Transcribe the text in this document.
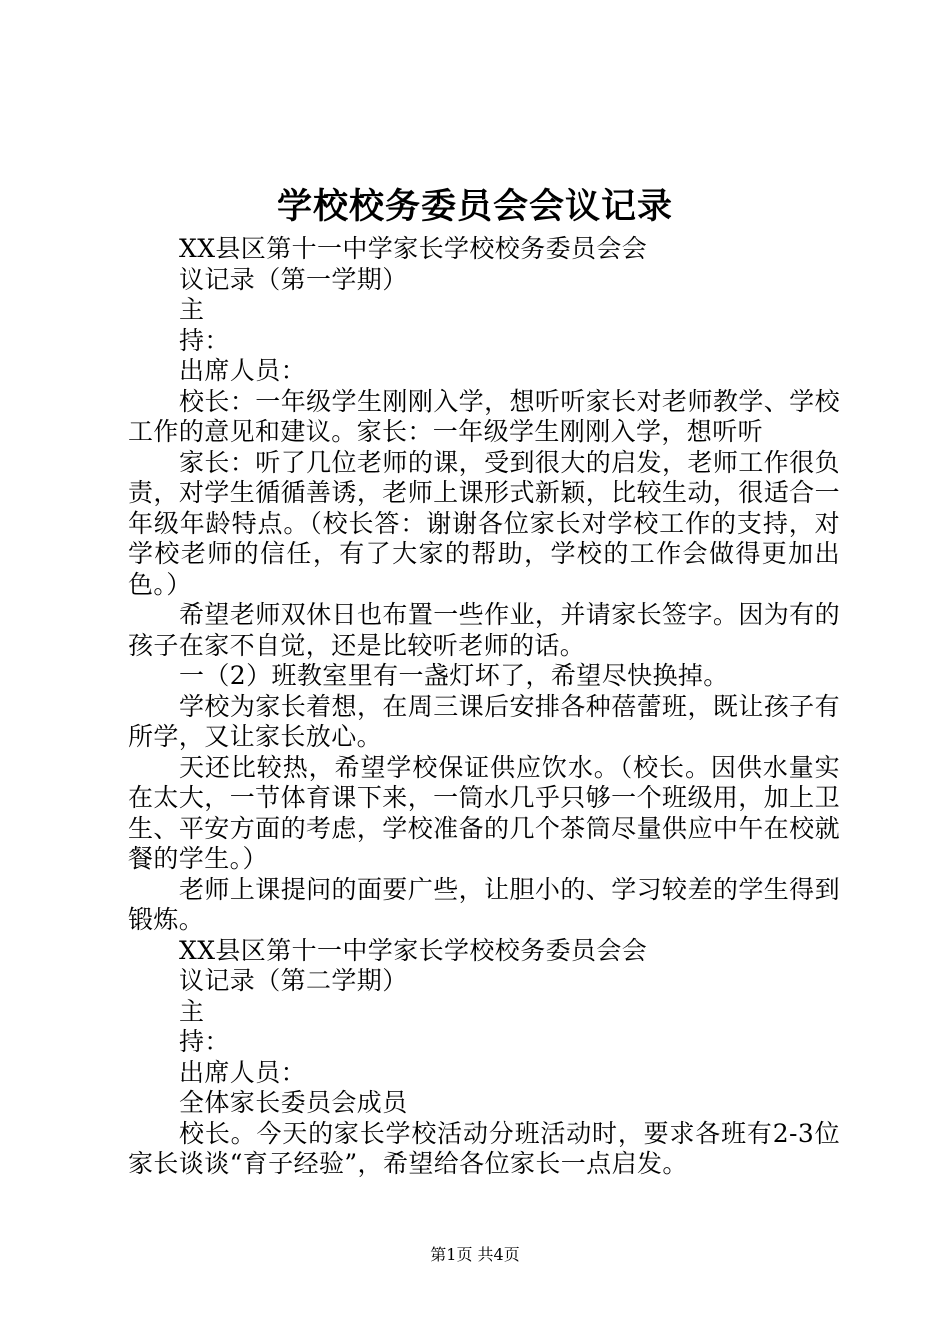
学校校务委员会会议记录

XX县区第十一中学家长学校校务委员会会

议记录（第一学期）

主

持：

出席人员：

校长：一年级学生刚刚入学，想听听家长对老师教学、学校工作的意见和建议。家长：一年级学生刚刚入学，想听听

家长：听了几位老师的课，受到很大的启发，老师工作很负责，对学生循循善诱，老师上课形式新颖，比较生动，很适合一年级年龄特点。（校长答：谢谢各位家长对学校工作的支持，对学校老师的信任，有了大家的帮助，学校的工作会做得更加出色。）

希望老师双休日也布置一些作业，并请家长签字。因为有的孩子在家不自觉，还是比较听老师的话。

一（2）班教室里有一盏灯坏了，希望尽快换掉。

学校为家长着想，在周三课后安排各种蓓蕾班，既让孩子有所学，又让家长放心。

天还比较热，希望学校保证供应饮水。（校长。因供水量实在太大，一节体育课下来，一筒水几乎只够一个班级用，加上卫生、平安方面的考虑，学校准备的几个茶筒尽量供应中午在校就餐的学生。）

老师上课提问的面要广些，让胆小的、学习较差的学生得到锻炼。

XX县区第十一中学家长学校校务委员会会

议记录（第二学期）

主

持：

出席人员：

全体家长委员会成员

校长。今天的家长学校活动分班活动时，要求各班有2-3位家长谈谈“育子经验”，希望给各位家长一点启发。

第1页 共4页
